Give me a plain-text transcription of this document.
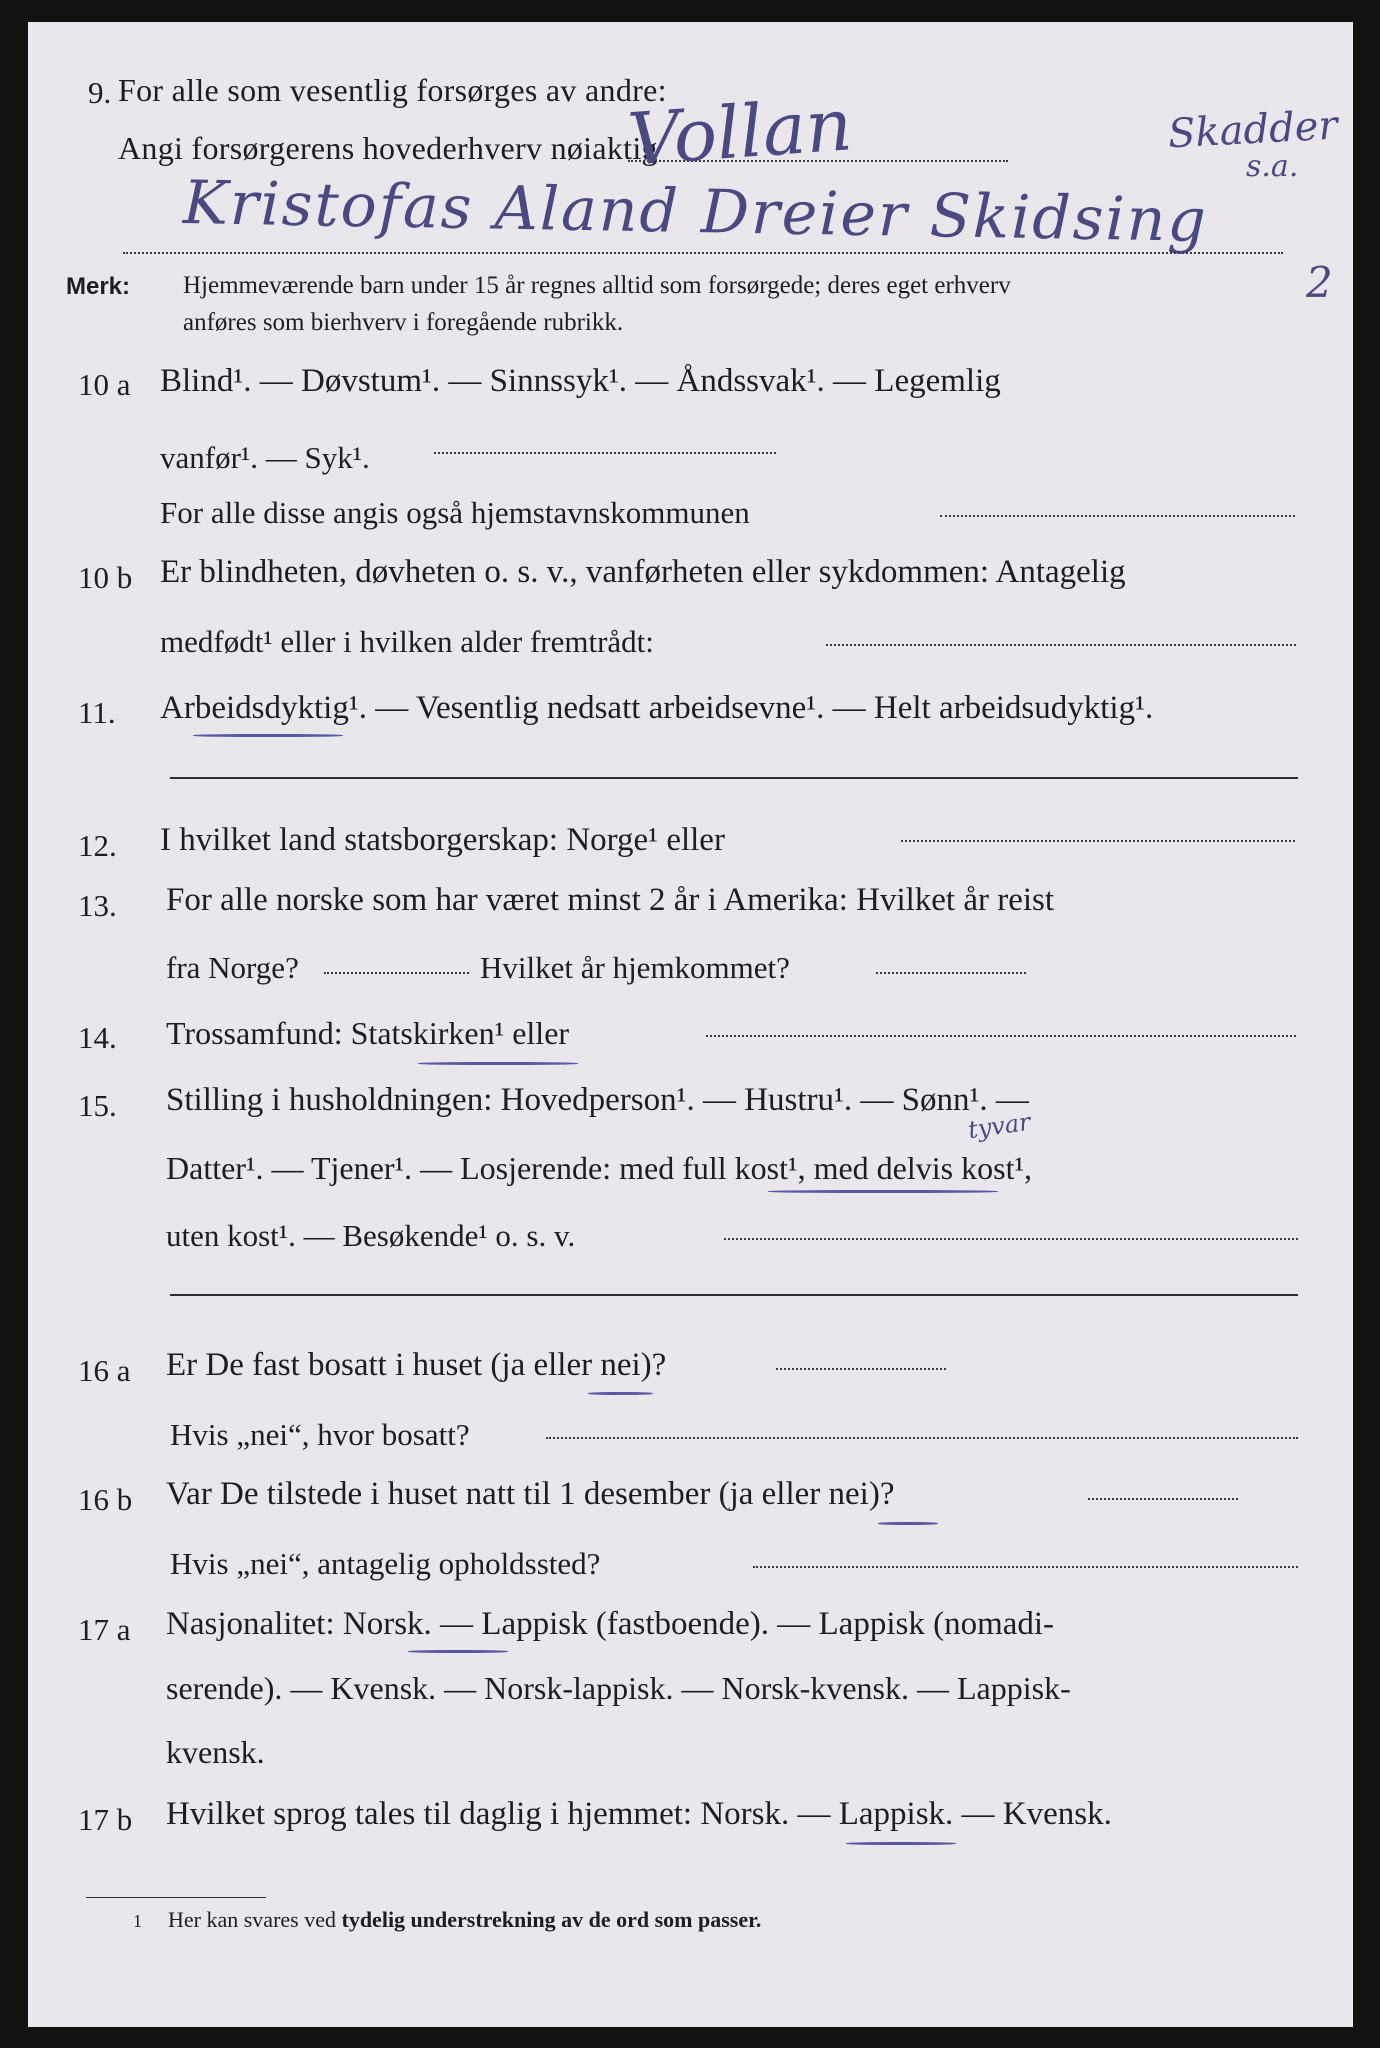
9. For alle som vesentlig forsørges av andre:
Angi forsørgerens hovederhverv nøiaktig
Vollan	Skadder
s.a.
Kristofas Aland Dreier Skidsing
2
Merk: Hjemmeværende barn under 15 år regnes alltid som forsørgede; deres eget erhverv
anføres som bierhverv i foregående rubrikk.
10 a Blind¹. — Døvstum¹. — Sinnssyk¹. — Åndssvak¹. — Legemlig
vanfør¹. — Syk¹.
For alle disse angis også hjemstavnskommunen
10 b Er blindheten, døvheten o. s. v., vanførheten eller sykdommen: Antagelig
medfødt¹ eller i hvilken alder fremtrådt:
11. Arbeidsdyktig¹. — Vesentlig nedsatt arbeidsevne¹. — Helt arbeidsudyktig¹.
12. I hvilket land statsborgerskap: Norge¹ eller
13. For alle norske som har været minst 2 år i Amerika: Hvilket år reist
fra Norge?	Hvilket år hjemkommet?
14. Trossamfund: Statskirken¹ eller
15. Stilling i husholdningen: Hovedperson¹. — Hustru¹. — Sønn¹. —
tyvar
Datter¹. — Tjener¹. — Losjerende: med full kost¹, med delvis kost¹,
uten kost¹. — Besøkende¹ o. s. v.
16 a Er De fast bosatt i huset (ja eller nei)?
Hvis „nei“, hvor bosatt?
16 b Var De tilstede i huset natt til 1 desember (ja eller nei)?
Hvis „nei“, antagelig opholdssted?
17 a Nasjonalitet: Norsk. — Lappisk (fastboende). — Lappisk (nomadi-
serende). — Kvensk. — Norsk-lappisk. — Norsk-kvensk. — Lappisk-
kvensk.
17 b Hvilket sprog tales til daglig i hjemmet: Norsk. — Lappisk. — Kvensk.
1 Her kan svares ved tydelig understrekning av de ord som passer.
